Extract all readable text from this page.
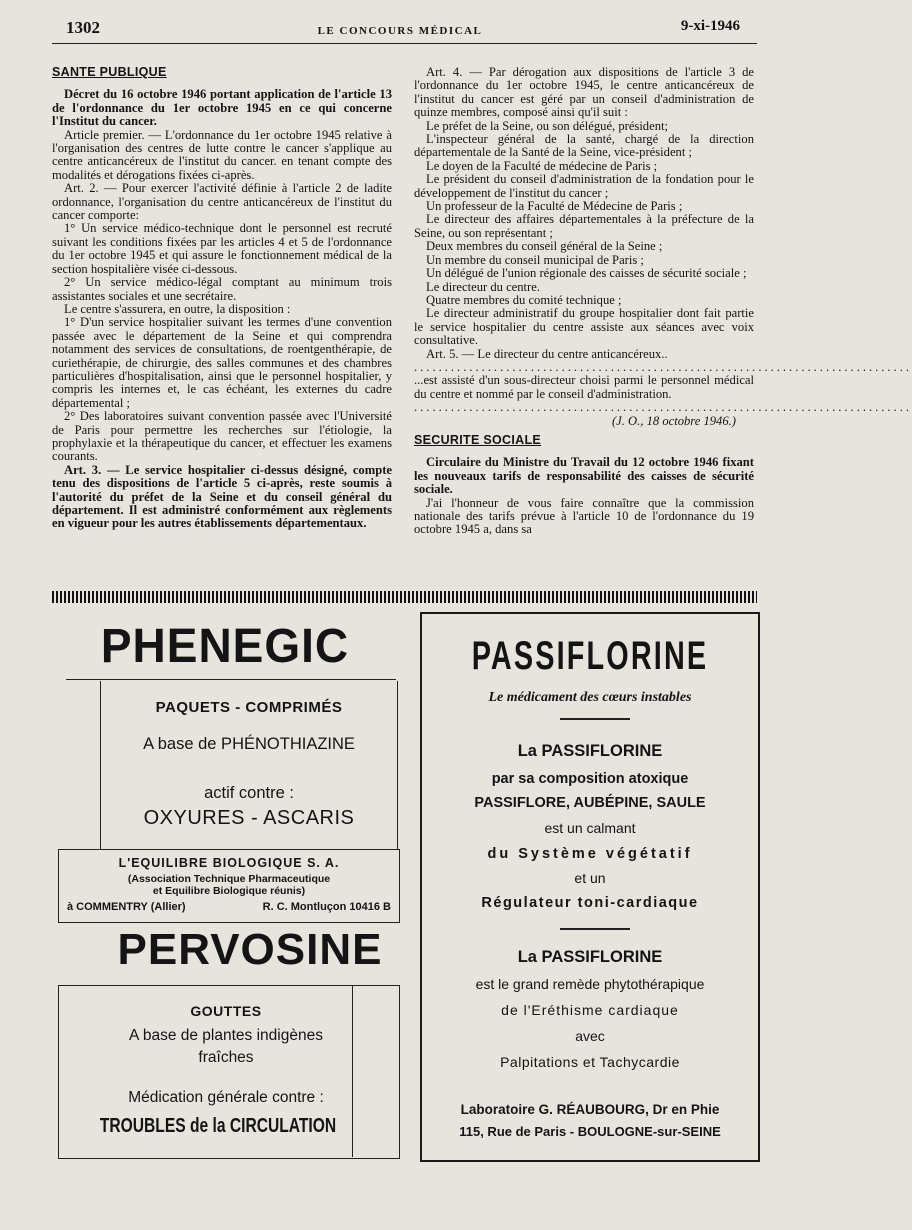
1302	LE CONCOURS MÉDICAL	9-xi-1946

SANTE PUBLIQUE

Décret du 16 octobre 1946 portant application de l'article 13 de l'ordonnance du 1er octobre 1945 en ce qui concerne l'Institut du cancer.

Article premier. — L'ordonnance du 1er octobre 1945 relative à l'organisation des centres de lutte contre le cancer s'applique au centre anticancéreux de l'institut du cancer. en tenant compte des modalités et dérogations fixées ci-après.

Art. 2. — Pour exercer l'activité définie à l'article 2 de ladite ordonnance, l'organisation du centre anticancéreux de l'institut du cancer comporte:

1° Un service médico-technique dont le personnel est recruté suivant les conditions fixées par les articles 4 et 5 de l'ordonnance du 1er octobre 1945 et qui assure le fonctionnement médical de la section hospitalière visée ci-dessous.

2° Un service médico-légal comptant au minimum trois assistantes sociales et une secrétaire.

Le centre s'assurera, en outre, la disposition :

1° D'un service hospitalier suivant les termes d'une convention passée avec le département de la Seine et qui comprendra notamment des services de consultations, de roentgenthérapie, de curiethérapie, de chirurgie, des salles communes et des chambres particulières d'hospitalisation, ainsi que le personnel hospitalier, y compris les internes et, le cas échéant, les externes du cadre départemental ;

2° Des laboratoires suivant convention passée avec l'Université de Paris pour permettre les recherches sur l'étiologie, la prophylaxie et la thérapeutique du cancer, et effectuer les examens courants.

Art. 3. — Le service hospitalier ci-dessus désigné, compte tenu des dispositions de l'article 5 ci-après, reste soumis à l'autorité du préfet de la Seine et du conseil général du département. Il est administré conformément aux règlements en vigueur pour les autres établissements départementaux.

Art. 4. — Par dérogation aux dispositions de l'article 3 de l'ordonnance du 1er octobre 1945, le centre anticancéreux de l'institut du cancer est géré par un conseil d'administration de quinze membres, composé ainsi qu'il suit :

Le préfet de la Seine, ou son délégué, président;

L'inspecteur général de la santé, chargé de la direction départementale de la Santé de la Seine, vice-président ;

Le doyen de la Faculté de médecine de Paris ;

Le président du conseil d'administration de la fondation pour le développement de l'institut du cancer ;

Un professeur de la Faculté de Médecine de Paris ;

Le directeur des affaires départementales à la préfecture de la Seine, ou son représentant ;

Deux membres du conseil général de la Seine ;

Un membre du conseil municipal de Paris ;

Un délégué de l'union régionale des caisses de sécurité sociale ;

Le directeur du centre.

Quatre membres du comité technique ;

Le directeur administratif du groupe hospitalier dont fait partie le service hospitalier du centre assiste aux séances avec voix consultative.

Art. 5. — Le directeur du centre anticancéreux..

.................................................................................

...est assisté d'un sous-directeur choisi parmi le personnel médical du centre et nommé par le conseil d'administration.

.................................................................................

(J. O., 18 octobre 1946.)

SECURITE SOCIALE

Circulaire du Ministre du Travail du 12 octobre 1946 fixant les nouveaux tarifs de responsabilité des caisses de sécurité sociale.

J'ai l'honneur de vous faire connaître que la commission nationale des tarifs prévue à l'article 10 de l'ordonnance du 19 octobre 1945 a, dans sa

PHENEGIC
PAQUETS - COMPRIMÉS
A base de PHÉNOTHIAZINE
actif contre :
OXYURES - ASCARIS
L'EQUILIBRE BIOLOGIQUE S. A.
(Association Technique Pharmaceutique
et Equilibre Biologique réunis)
à COMMENTRY (Allier)	R. C. Montluçon 10416 B
PERVOSINE
GOUTTES
A base de plantes indigènes
fraîches
Médication générale contre :
TROUBLES de la CIRCULATION
PASSIFLORINE
Le médicament des cœurs instables
La PASSIFLORINE
par sa composition atoxique
PASSIFLORE, AUBÉPINE, SAULE
est un calmant
du Système végétatif
et un
Régulateur toni-cardiaque
La PASSIFLORINE
est le grand remède phytothérapique
de l'Eréthisme cardiaque
avec
Palpitations et Tachycardie
Laboratoire G. RÉAUBOURG, Dr en Phie
115, Rue de Paris - BOULOGNE-sur-SEINE
